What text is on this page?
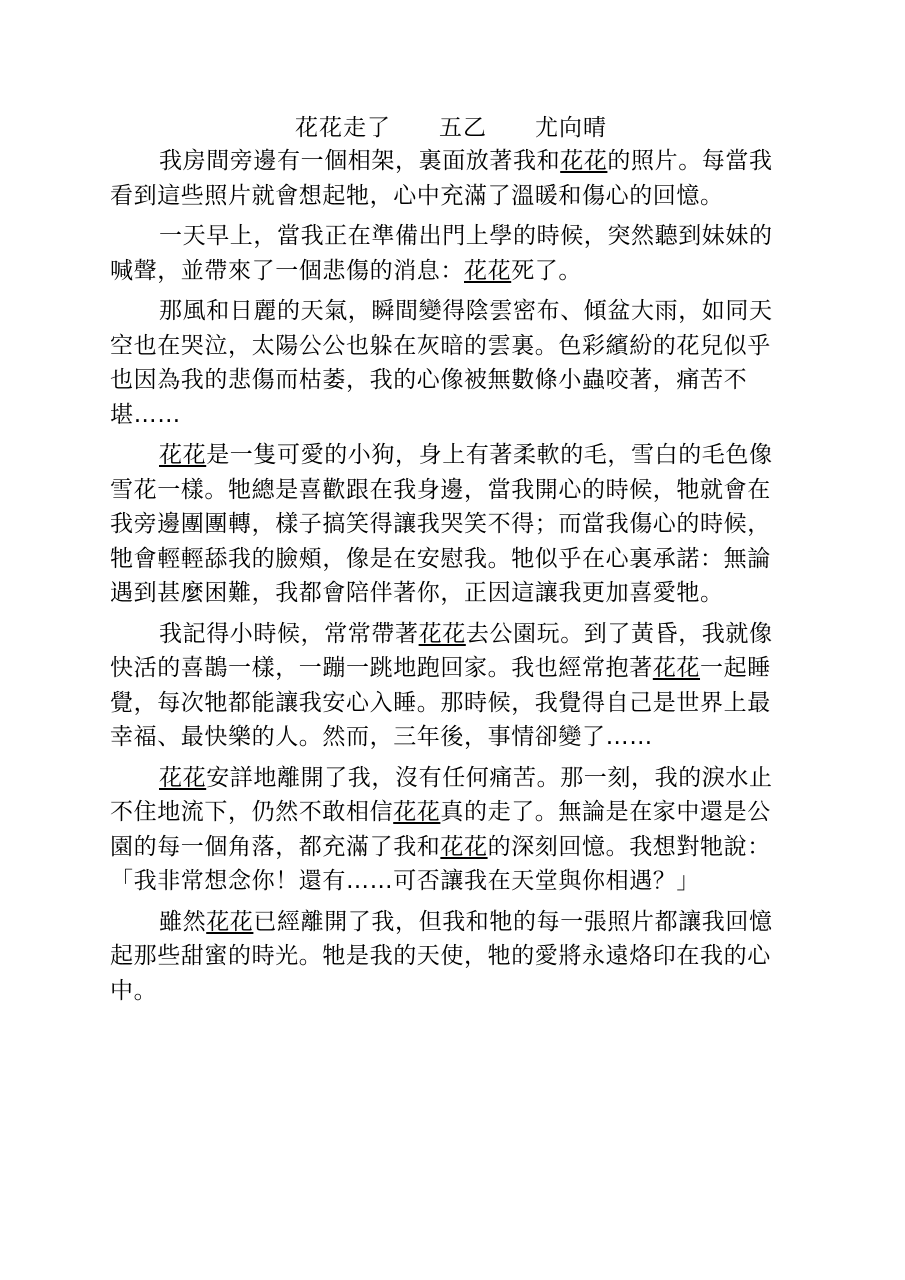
花花走了　　五乙　　尤向晴

我房間旁邊有一個相架，裏面放著我和花花的照片。每當我看到這些照片就會想起牠，心中充滿了溫暖和傷心的回憶。

一天早上，當我正在準備出門上學的時候，突然聽到妹妹的喊聲，並帶來了一個悲傷的消息：花花死了。

那風和日麗的天氣，瞬間變得陰雲密布、傾盆大雨，如同天空也在哭泣，太陽公公也躲在灰暗的雲裏。色彩繽紛的花兒似乎也因為我的悲傷而枯萎，我的心像被無數條小蟲咬著，痛苦不堪……

花花是一隻可愛的小狗，身上有著柔軟的毛，雪白的毛色像雪花一樣。牠總是喜歡跟在我身邊，當我開心的時候，牠就會在我旁邊團團轉，樣子搞笑得讓我哭笑不得；而當我傷心的時候，牠會輕輕舔我的臉頰，像是在安慰我。牠似乎在心裏承諾：無論遇到甚麼困難，我都會陪伴著你，正因這讓我更加喜愛牠。

我記得小時候，常常帶著花花去公園玩。到了黃昏，我就像快活的喜鵲一樣，一蹦一跳地跑回家。我也經常抱著花花一起睡覺，每次牠都能讓我安心入睡。那時候，我覺得自己是世界上最幸福、最快樂的人。然而，三年後，事情卻變了……

花花安詳地離開了我，沒有任何痛苦。那一刻，我的淚水止不住地流下，仍然不敢相信花花真的走了。無論是在家中還是公園的每一個角落，都充滿了我和花花的深刻回憶。我想對牠說：「我非常想念你！還有……可否讓我在天堂與你相遇？」

雖然花花已經離開了我，但我和牠的每一張照片都讓我回憶起那些甜蜜的時光。牠是我的天使，牠的愛將永遠烙印在我的心中。
